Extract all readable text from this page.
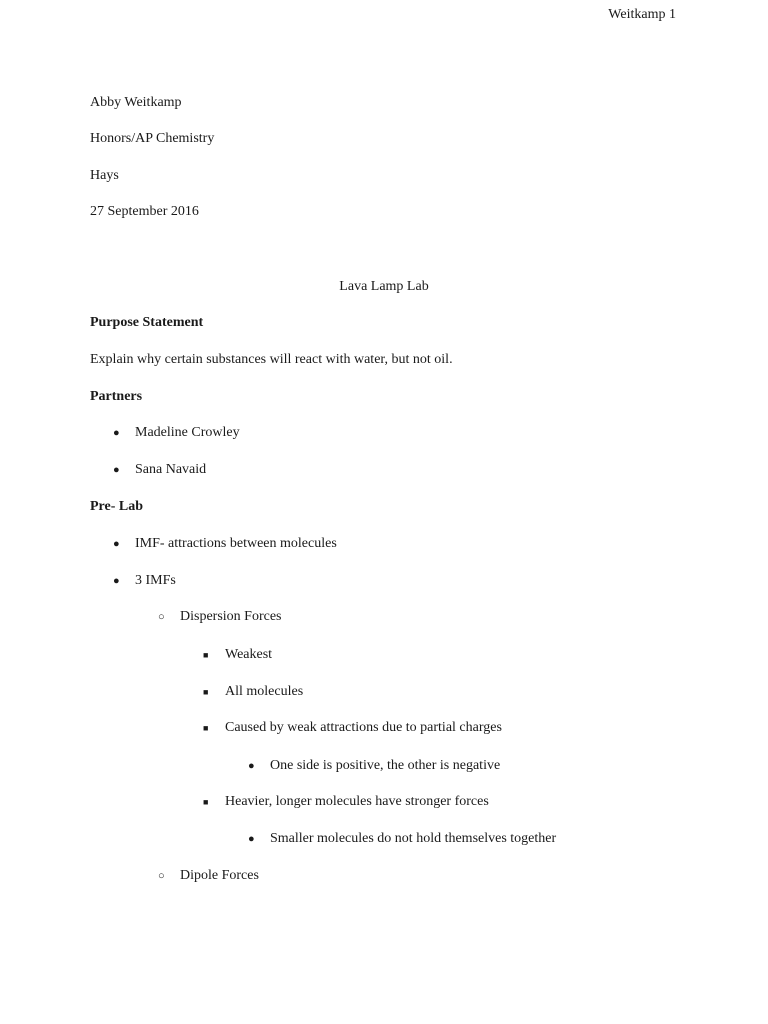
Weitkamp 1
Abby Weitkamp
Honors/AP Chemistry
Hays
27 September 2016
Lava Lamp Lab
Purpose Statement
Explain why certain substances will react with water, but not oil.
Partners
● Madeline Crowley
● Sana Navaid
Pre- Lab
● IMF- attractions between molecules
● 3 IMFs
○ Dispersion Forces
■ Weakest
■ All molecules
■ Caused by weak attractions due to partial charges
● One side is positive, the other is negative
■ Heavier, longer molecules have stronger forces
● Smaller molecules do not hold themselves together
○ Dipole Forces
